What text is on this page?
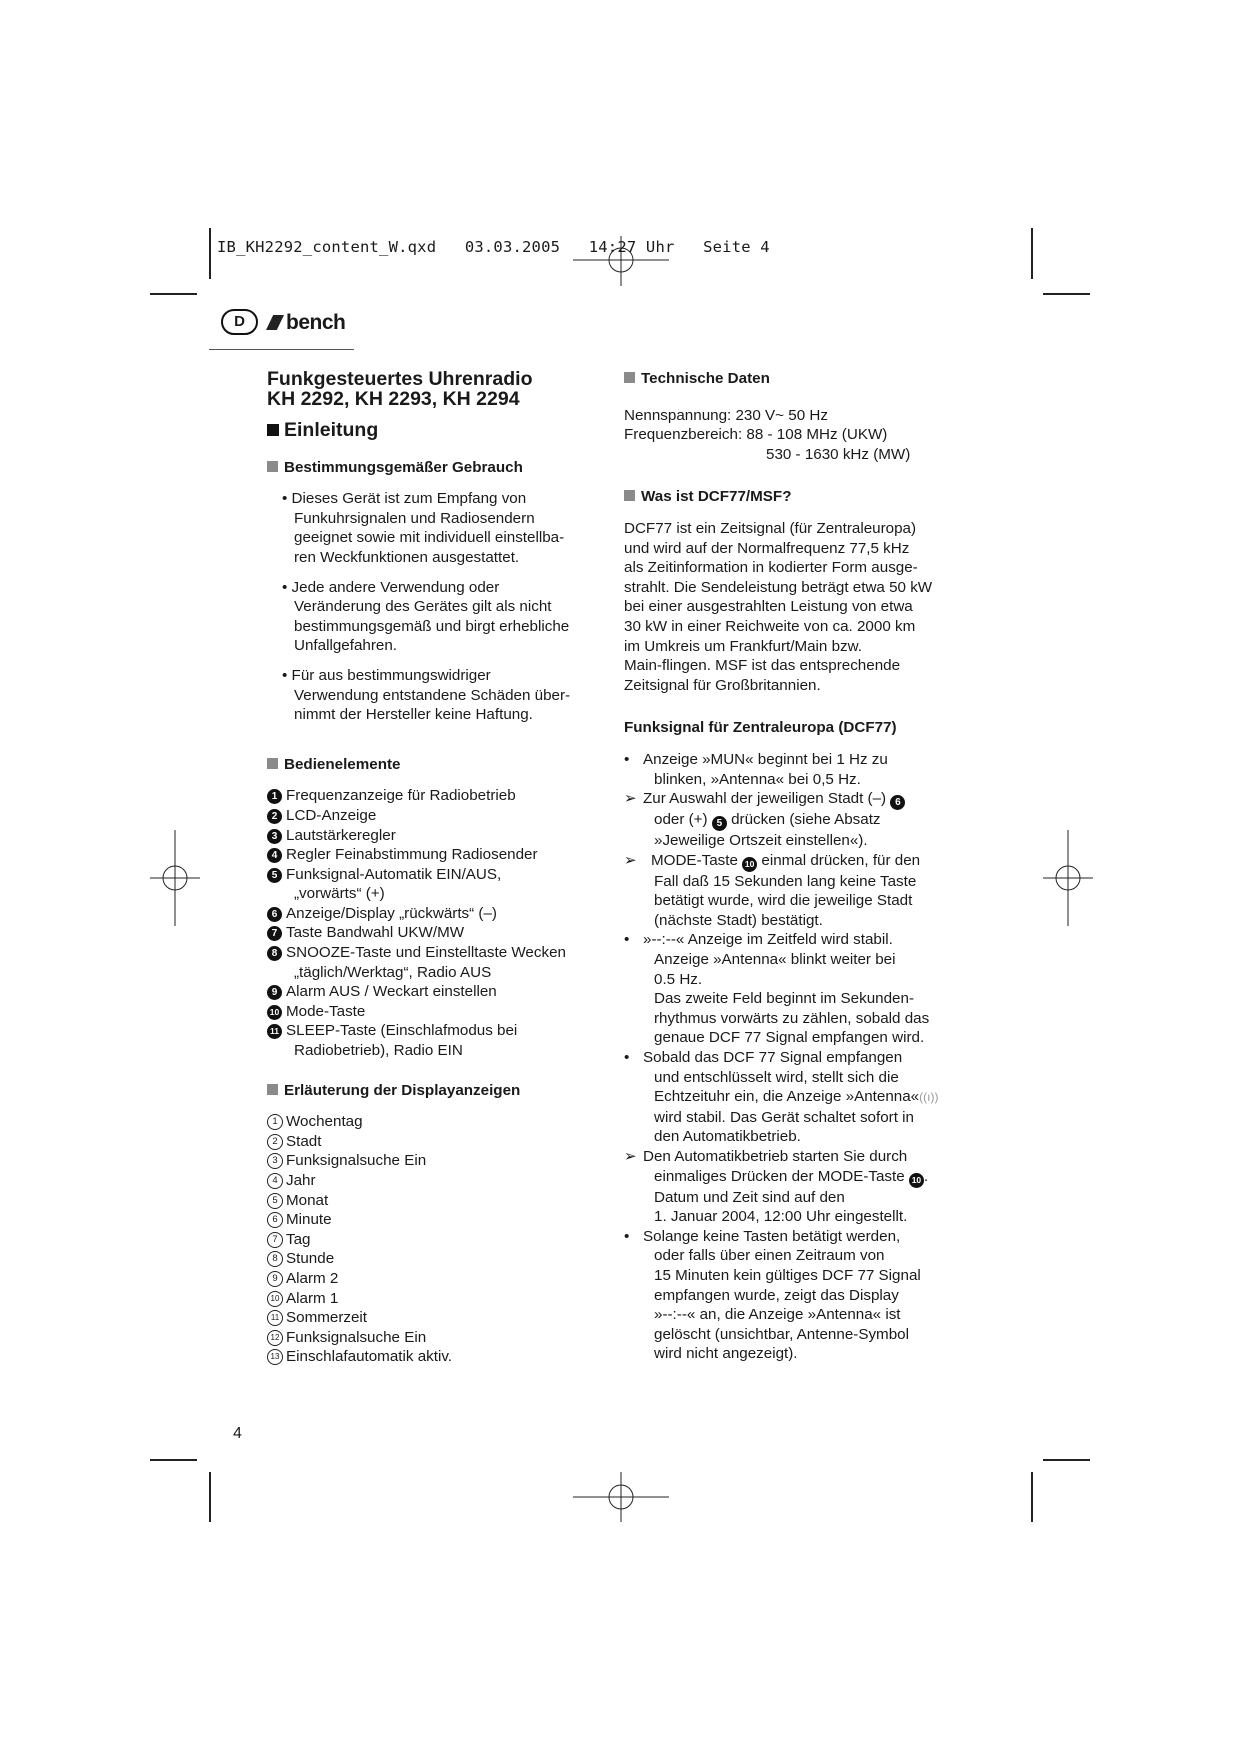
IB_KH2292_content_W.qxd   03.03.2005   14:27 Uhr   Seite 4
D	bench
Funkgesteuertes Uhrenradio
KH 2292, KH 2293, KH 2294
Einleitung
Bestimmungsgemäßer Gebrauch
• Dieses Gerät ist zum Empfang von
Funkuhrsignalen und Radiosendern
geeignet sowie mit individuell einstellba-
ren Weckfunktionen ausgestattet.
• Jede andere Verwendung oder
Veränderung des Gerätes gilt als nicht
bestimmungsgemäß und birgt erhebliche
Unfallgefahren.
• Für aus bestimmungswidriger
Verwendung entstandene Schäden über-
nimmt der Hersteller keine Haftung.
Bedienelemente
1 Frequenzanzeige für Radiobetrieb
2 LCD-Anzeige
3 Lautstärkeregler
4 Regler Feinabstimmung Radiosender
5 Funksignal-Automatik EIN/AUS,
„vorwärts“ (+)
6 Anzeige/Display „rückwärts“ (–)
7 Taste Bandwahl UKW/MW
8 SNOOZE-Taste und Einstelltaste Wecken
„täglich/Werktag“, Radio AUS
9 Alarm AUS / Weckart einstellen
10 Mode-Taste
11 SLEEP-Taste (Einschlafmodus bei
Radiobetrieb), Radio EIN
Erläuterung der Displayanzeigen
1 Wochentag
2 Stadt
3 Funksignalsuche Ein
4 Jahr
5 Monat
6 Minute
7 Tag
8 Stunde
9 Alarm 2
10 Alarm 1
11 Sommerzeit
12 Funksignalsuche Ein
13 Einschlafautomatik aktiv.
Technische Daten
Nennspannung: 230 V~ 50 Hz
Frequenzbereich: 88 - 108 MHz (UKW)
530 - 1630 kHz (MW)
Was ist DCF77/MSF?
DCF77 ist ein Zeitsignal (für Zentraleuropa)
und wird auf der Normalfrequenz 77,5 kHz
als Zeitinformation in kodierter Form ausge-
strahlt. Die Sendeleistung beträgt etwa 50 kW
bei einer ausgestrahlten Leistung von etwa
30 kW in einer Reichweite von ca. 2000 km
im Umkreis um Frankfurt/Main bzw.
Main-flingen. MSF ist das entsprechende
Zeitsignal für Großbritannien.
Funksignal für Zentraleuropa (DCF77)
• Anzeige »MUN« beginnt bei 1 Hz zu
blinken, »Antenna« bei 0,5 Hz.
➢ Zur Auswahl der jeweiligen Stadt (–) 6
oder (+) 5 drücken (siehe Absatz
»Jeweilige Ortszeit einstellen«).
➢ MODE-Taste 10 einmal drücken, für den
Fall daß 15 Sekunden lang keine Taste
betätigt wurde, wird die jeweilige Stadt
(nächste Stadt) bestätigt.
• »--:--« Anzeige im Zeitfeld wird stabil.
Anzeige »Antenna« blinkt weiter bei
0.5 Hz.
Das zweite Feld beginnt im Sekunden-
rhythmus vorwärts zu zählen, sobald das
genaue DCF 77 Signal empfangen wird.
• Sobald das DCF 77 Signal empfangen
und entschlüsselt wird, stellt sich die
Echtzeituhr ein, die Anzeige »Antenna«((ı))
wird stabil. Das Gerät schaltet sofort in
den Automatikbetrieb.
➢ Den Automatikbetrieb starten Sie durch
einmaliges Drücken der MODE-Taste 10 .
Datum und Zeit sind auf den
1. Januar 2004, 12:00 Uhr eingestellt.
• Solange keine Tasten betätigt werden,
oder falls über einen Zeitraum von
15 Minuten kein gültiges DCF 77 Signal
empfangen wurde, zeigt das Display
»--:--« an, die Anzeige »Antenna« ist
gelöscht (unsichtbar, Antenne-Symbol
wird nicht angezeigt).
4
